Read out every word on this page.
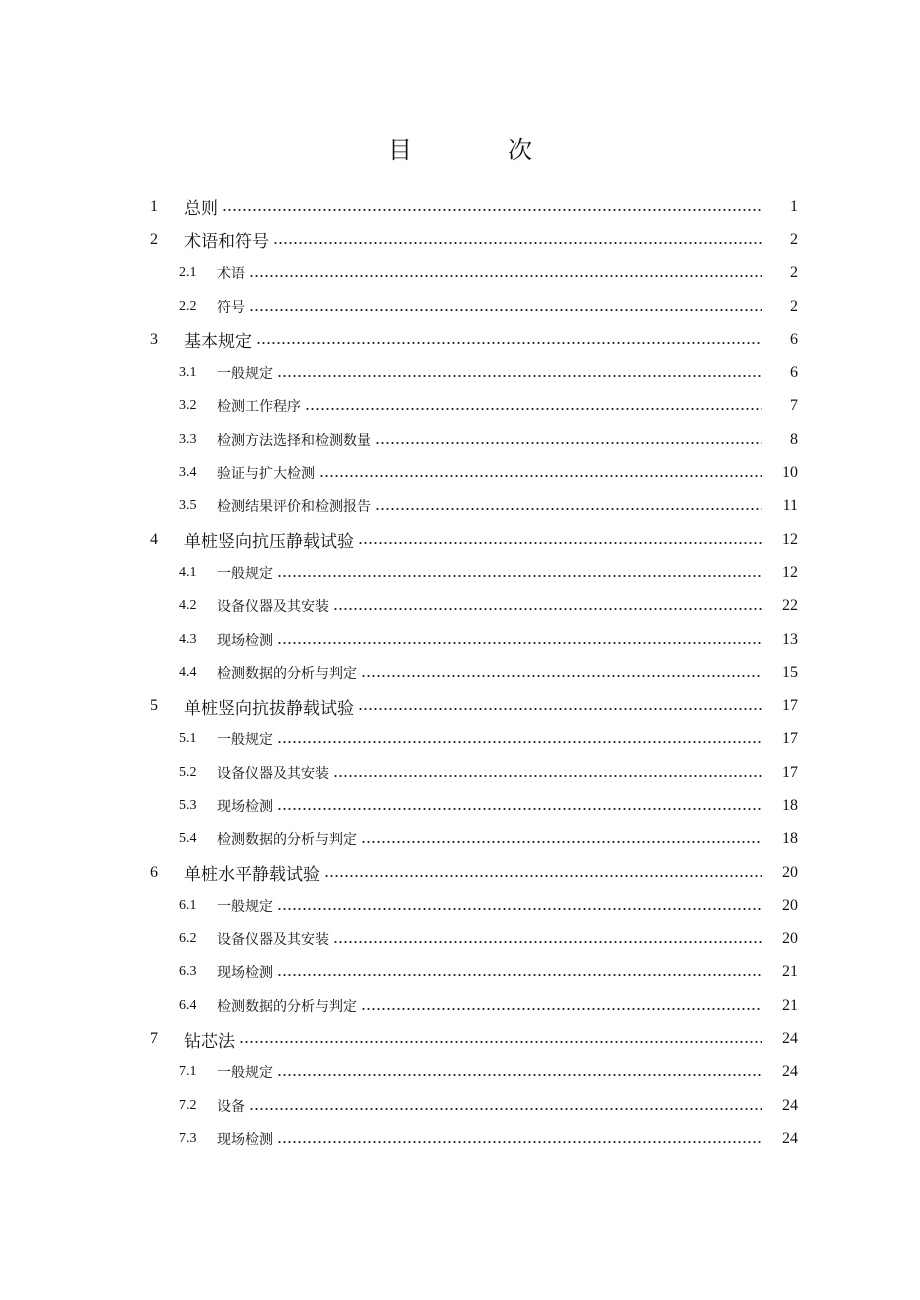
目　次
1	总则	1
2	术语和符号	2
2.1	术语	2
2.2	符号	2
3	基本规定	6
3.1	一般规定	6
3.2	检测工作程序	7
3.3	检测方法选择和检测数量	8
3.4	验证与扩大检测	10
3.5	检测结果评价和检测报告	11
4	单桩竖向抗压静载试验	12
4.1	一般规定	12
4.2	设备仪器及其安装	22
4.3	现场检测	13
4.4	检测数据的分析与判定	15
5	单桩竖向抗拔静载试验	17
5.1	一般规定	17
5.2	设备仪器及其安装	17
5.3	现场检测	18
5.4	检测数据的分析与判定	18
6	单桩水平静载试验	20
6.1	一般规定	20
6.2	设备仪器及其安装	20
6.3	现场检测	21
6.4	检测数据的分析与判定	21
7	钻芯法	24
7.1	一般规定	24
7.2	设备	24
7.3	现场检测	24
